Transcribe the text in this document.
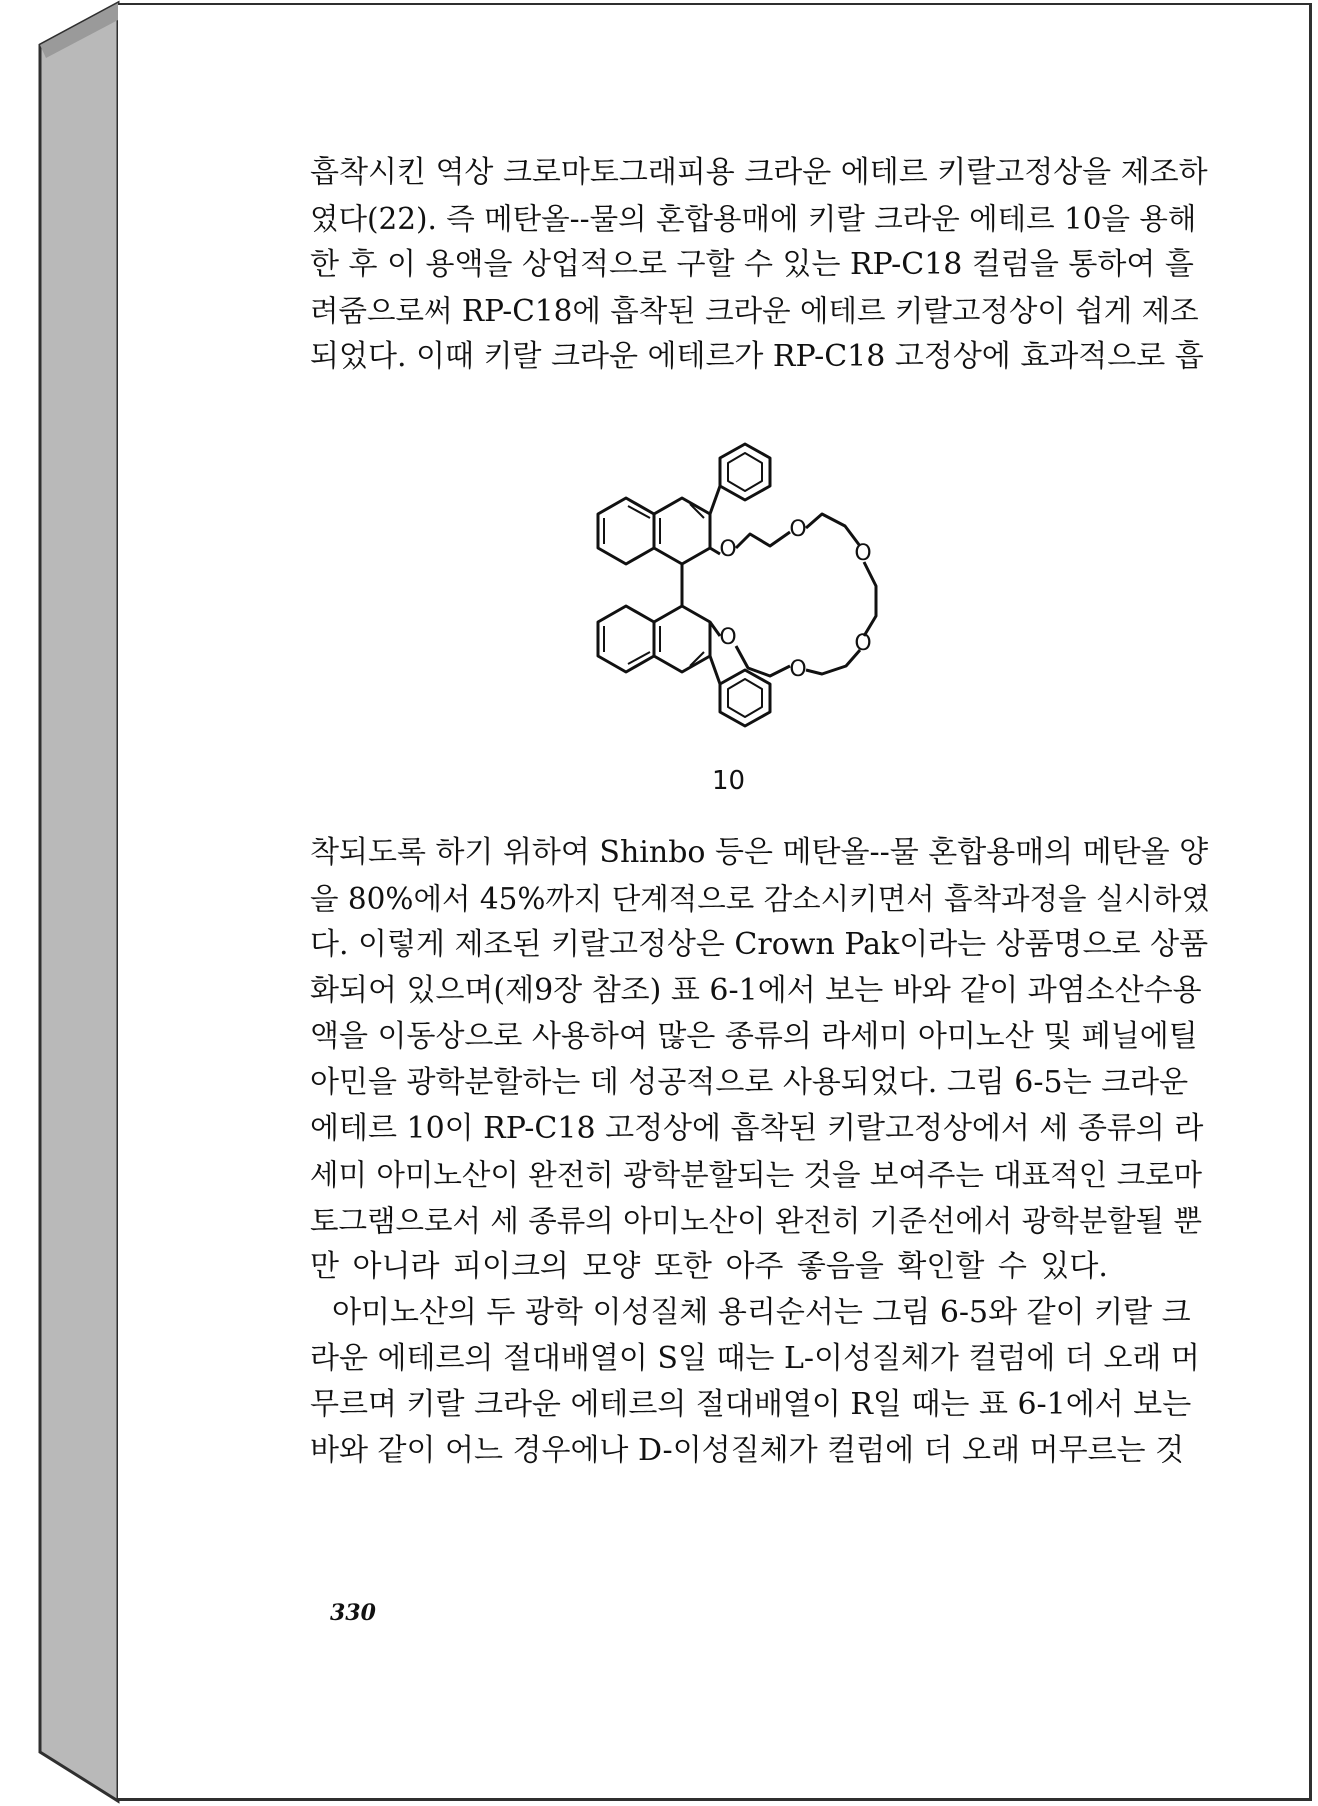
흡착시킨 역상 크로마토그래피용 크라운 에테르 키랄고정상을 제조하
였다(22). 즉 메탄올--물의 혼합용매에 키랄 크라운 에테르 10을 용해
한 후 이 용액을 상업적으로 구할 수 있는 RP-C18 컬럼을 통하여 흘
려줌으로써 RP-C18에 흡착된 크라운 에테르 키랄고정상이 쉽게 제조
되었다. 이때 키랄 크라운 에테르가 RP-C18 고정상에 효과적으로 흡
O
O
O
O
O
O
10
착되도록 하기 위하여 Shinbo 등은 메탄올--물 혼합용매의 메탄올 양
을 80%에서 45%까지 단계적으로 감소시키면서 흡착과정을 실시하였
다. 이렇게 제조된 키랄고정상은 Crown Pak이라는 상품명으로 상품
화되어 있으며(제9장 참조) 표 6-1에서 보는 바와 같이 과염소산수용
액을 이동상으로 사용하여 많은 종류의 라세미 아미노산 및 페닐에틸
아민을 광학분할하는 데 성공적으로 사용되었다. 그림 6-5는 크라운
에테르 10이 RP-C18 고정상에 흡착된 키랄고정상에서 세 종류의 라
세미 아미노산이 완전히 광학분할되는 것을 보여주는 대표적인 크로마
토그램으로서 세 종류의 아미노산이 완전히 기준선에서 광학분할될 뿐
만 아니라 피이크의 모양 또한 아주 좋음을 확인할 수 있다.
아미노산의 두 광학 이성질체 용리순서는 그림 6-5와 같이 키랄 크
라운 에테르의 절대배열이 S일 때는 L-이성질체가 컬럼에 더 오래 머
무르며 키랄 크라운 에테르의 절대배열이 R일 때는 표 6-1에서 보는
바와 같이 어느 경우에나 D-이성질체가 컬럼에 더 오래 머무르는 것
330
